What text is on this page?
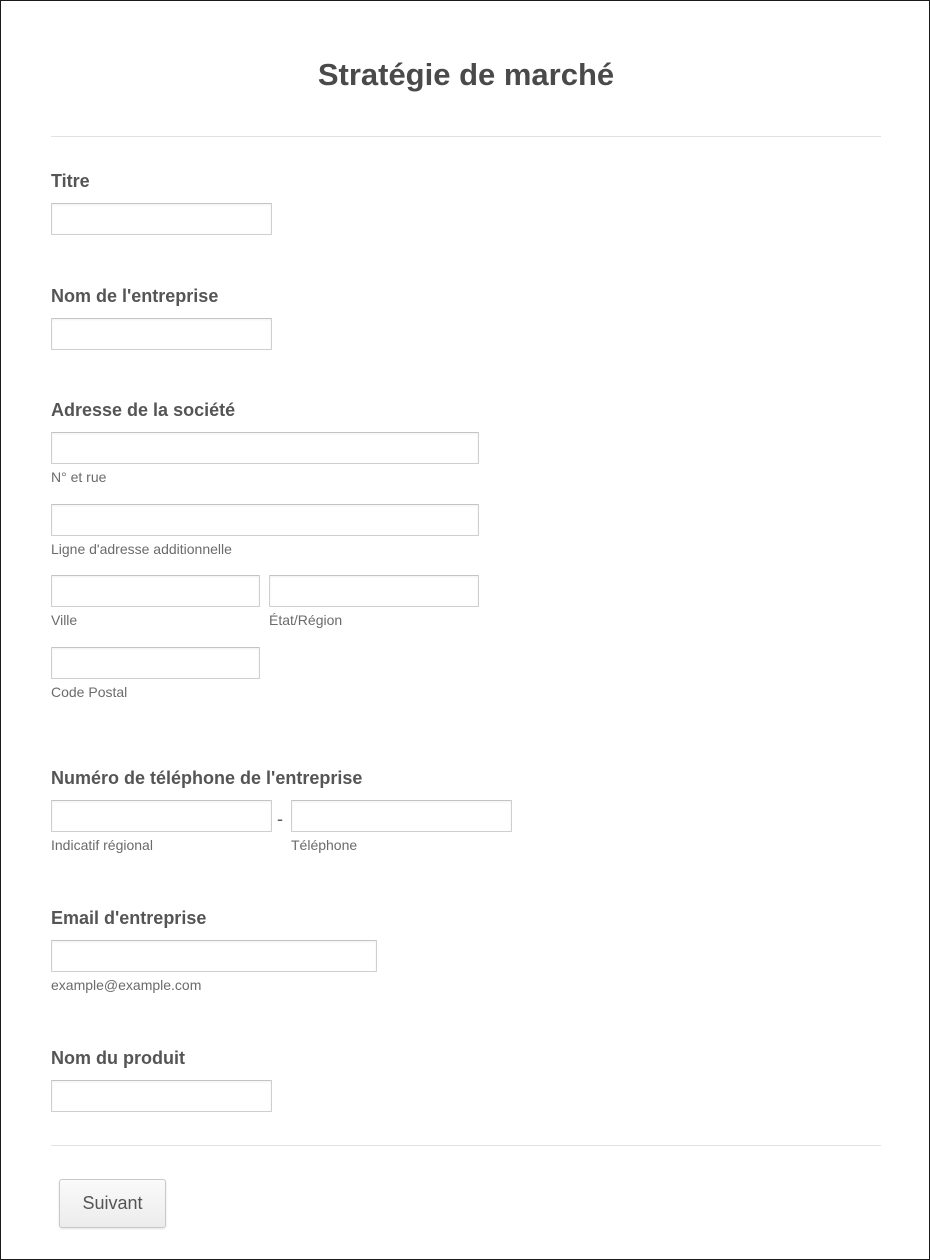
Stratégie de marché
Titre
Nom de l'entreprise
Adresse de la société
N° et rue
Ligne d'adresse additionnelle
Ville	État/Région
Code Postal
Numéro de téléphone de l'entreprise
-
Indicatif régional	Téléphone
Email d'entreprise
example@example.com
Nom du produit
Suivant
